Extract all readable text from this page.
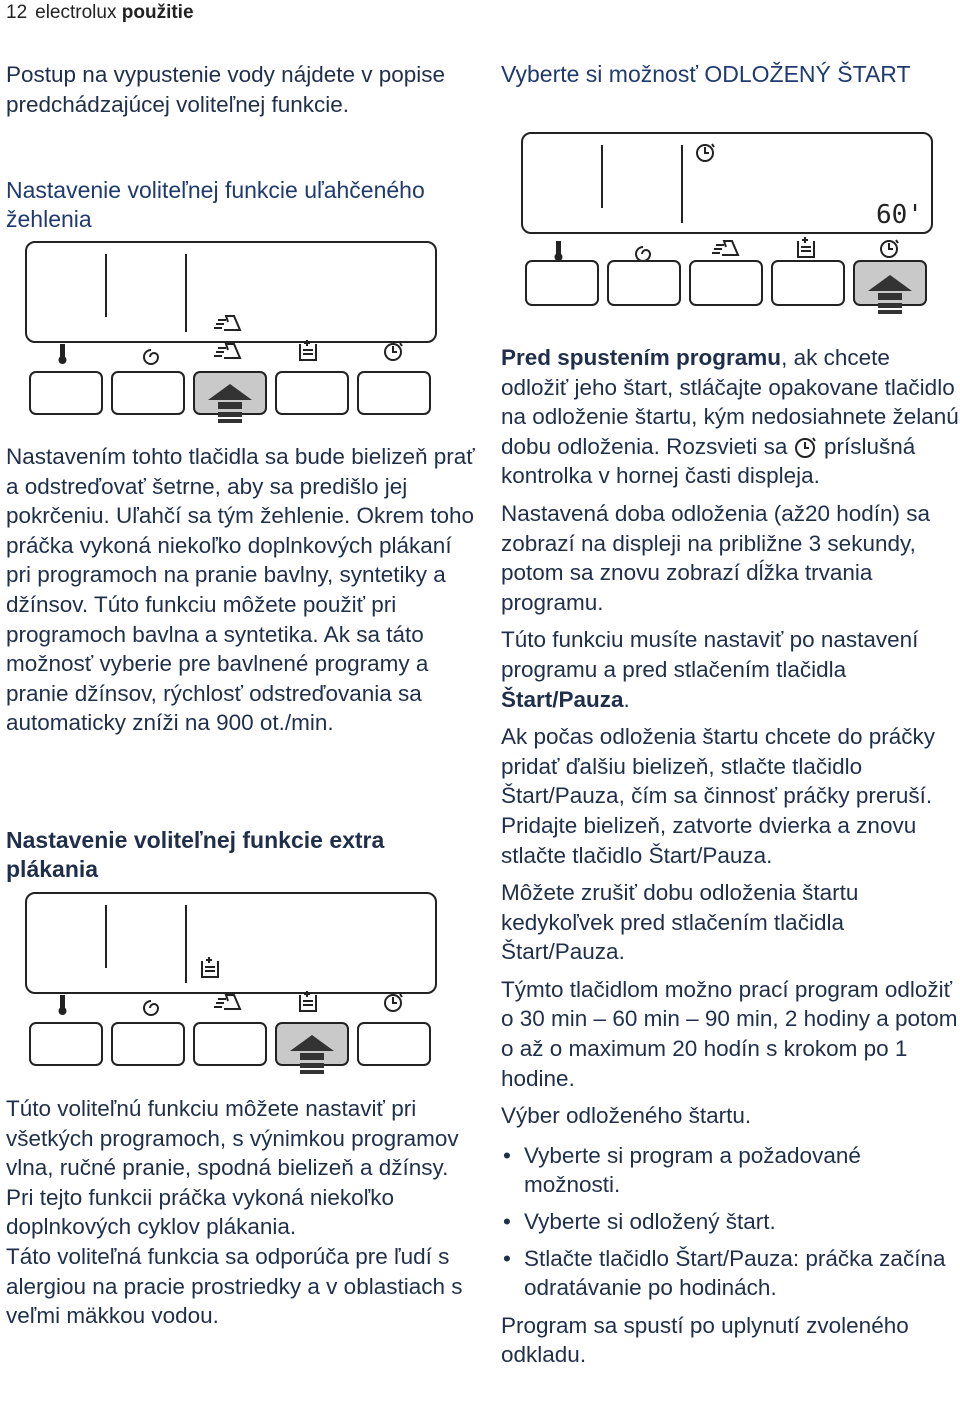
12 electrolux použitie

Postup na vypustenie vody nájdete v popise predchádzajúcej voliteľnej funkcie.

Nastavenie voliteľnej funkcie uľahčeného žehlenia

Nastavením tohto tlačidla sa bude bielizeň prať a odstreďovať šetrne, aby sa predišlo jej pokrčeniu. Uľahčí sa tým žehlenie. Okrem toho práčka vykoná niekoľko doplnkových plákaní pri programoch na pranie bavlny, syntetiky a džínsov. Túto funkciu môžete použiť pri programoch bavlna a syntetika. Ak sa táto možnosť vyberie pre bavlnené programy a pranie džínsov, rýchlosť odstreďovania sa automaticky zníži na 900 ot./min.

Nastavenie voliteľnej funkcie extra plákania

Túto voliteľnú funkciu môžete nastaviť pri všetkých programoch, s výnimkou programov vlna, ručné pranie, spodná bielizeň a džínsy. Pri tejto funkcii práčka vykoná niekoľko doplnkových cyklov plákania.

Táto voliteľná funkcia sa odporúča pre ľudí s alergiou na pracie prostriedky a v oblastiach s veľmi mäkkou vodou.

Vyberte si možnosť ODLOŽENÝ ŠTART
60'

Pred spustením programu, ak chcete odložiť jeho štart, stláčajte opakovane tlačidlo na odloženie štartu, kým nedosiahnete želanú dobu odloženia. Rozsvieti sa príslušná kontrolka v hornej časti displeja.

Nastavená doba odloženia (až20 hodín) sa zobrazí na displeji na približne 3 sekundy, potom sa znovu zobrazí dĺžka trvania programu.

Túto funkciu musíte nastaviť po nastavení programu a pred stlačením tlačidla Štart/Pauza.

Ak počas odloženia štartu chcete do práčky pridať ďalšiu bielizeň, stlačte tlačidlo Štart/Pauza, čím sa činnosť práčky preruší. Pridajte bielizeň, zatvorte dvierka a znovu stlačte tlačidlo Štart/Pauza.

Môžete zrušiť dobu odloženia štartu kedykoľvek pred stlačením tlačidla Štart/Pauza.

Týmto tlačidlom možno prací program odložiť o 30 min – 60 min – 90 min, 2 hodiny a potom o až o maximum 20 hodín s krokom po 1 hodine.

Výber odloženého štartu.

• Vyberte si program a požadované možnosti.
• Vyberte si odložený štart.
• Stlačte tlačidlo Štart/Pauza: práčka začína odratávanie po hodinách.

Program sa spustí po uplynutí zvoleného odkladu.
